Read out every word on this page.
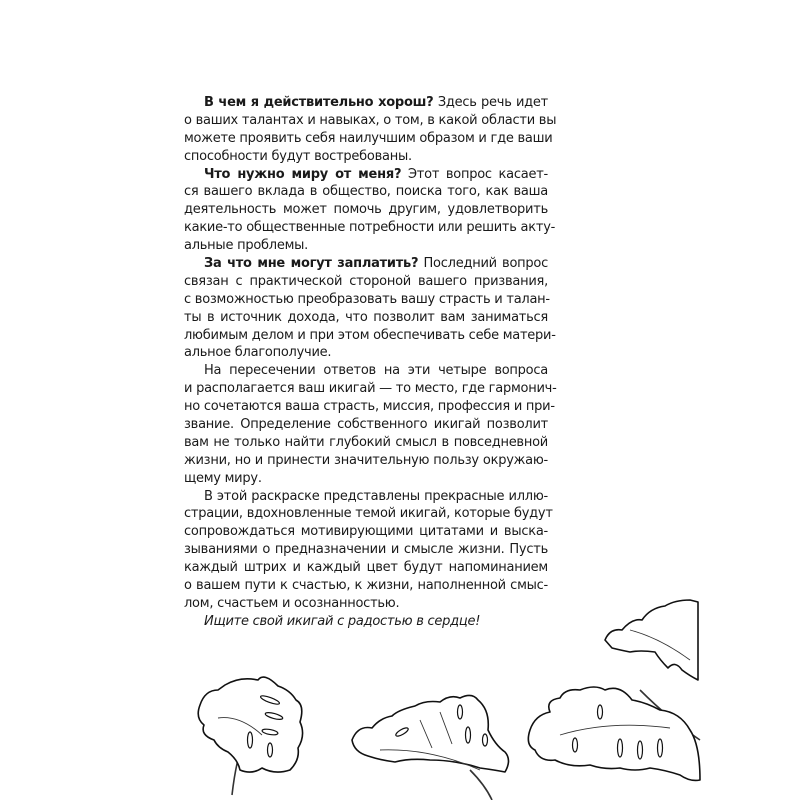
В чем я действительно хорош? Здесь речь идет
о ваших талантах и навыках, о том, в какой области вы
можете проявить себя наилучшим образом и где ваши
способности будут востребованы.
Что нужно миру от меня? Этот вопрос касает-
ся вашего вклада в общество, поиска того, как ваша
деятельность может помочь другим, удовлетворить
какие-то общественные потребности или решить акту-
альные проблемы.
За что мне могут заплатить? Последний вопрос
связан с практической стороной вашего призвания,
с возможностью преобразовать вашу страсть и талан-
ты в источник дохода, что позволит вам заниматься
любимым делом и при этом обеспечивать себе матери-
альное благополучие.
На пересечении ответов на эти четыре вопроса
и располагается ваш икигай — то место, где гармонич-
но сочетаются ваша страсть, миссия, профессия и при-
звание. Определение собственного икигай позволит
вам не только найти глубокий смысл в повседневной
жизни, но и принести значительную пользу окружаю-
щему миру.
В этой раскраске представлены прекрасные иллю-
страции, вдохновленные темой икигай, которые будут
сопровождаться мотивирующими цитатами и выска-
зываниями о предназначении и смысле жизни. Пусть
каждый штрих и каждый цвет будут напоминанием
о вашем пути к счастью, к жизни, наполненной смыс-
лом, счастьем и осознанностью.
Ищите свой икигай с радостью в сердце!
